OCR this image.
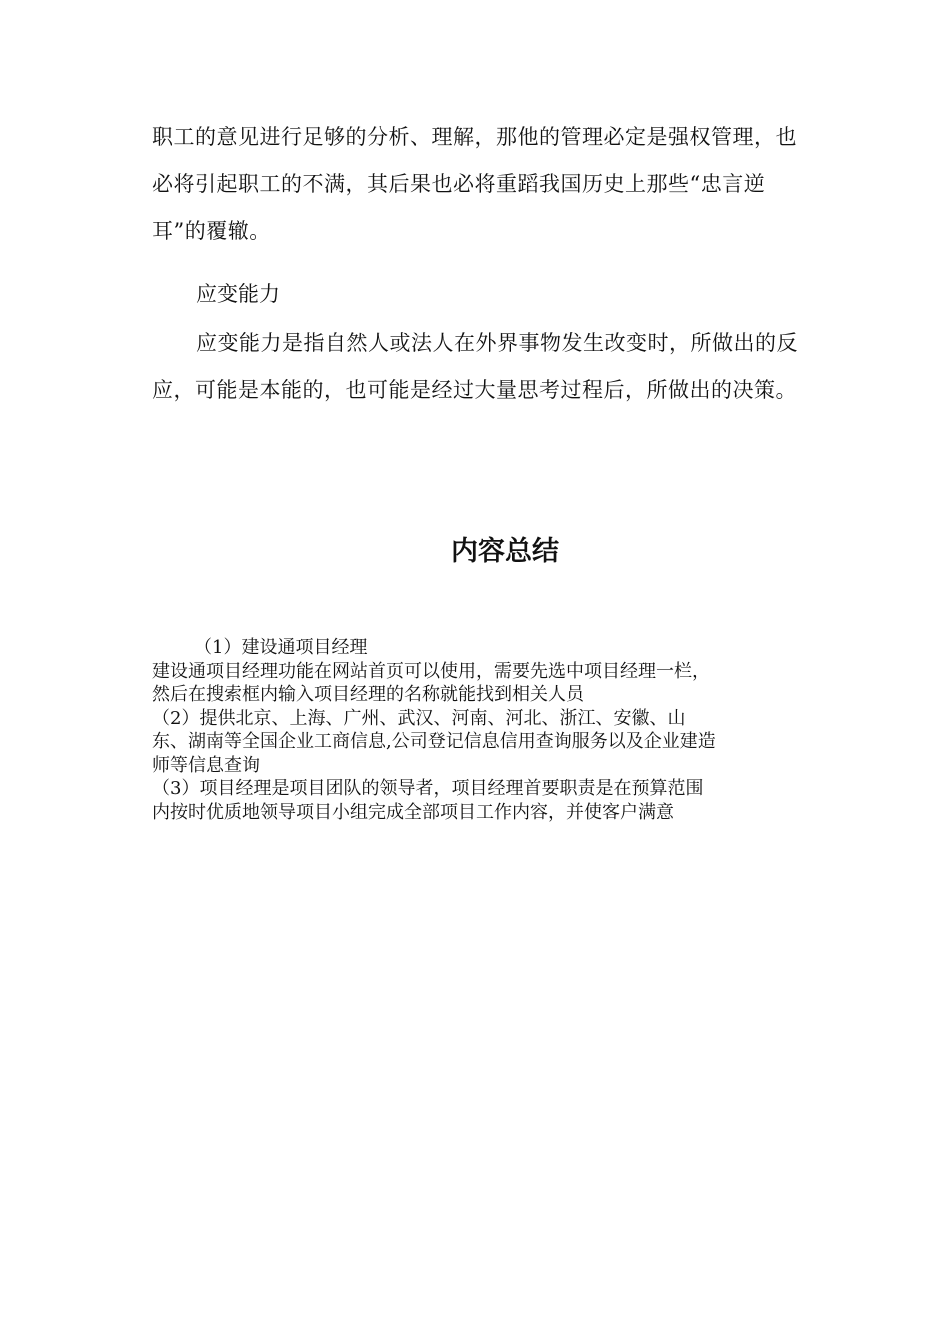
职工的意见进行足够的分析、理解，那他的管理必定是强权管理，也必将引起职工的不满，其后果也必将重蹈我国历史上那些“忠言逆耳”的覆辙。

应变能力

应变能力是指自然人或法人在外界事物发生改变时，所做出的反应，可能是本能的，也可能是经过大量思考过程后，所做出的决策。

内容总结
（1）建设通项目经理
建设通项目经理功能在网站首页可以使用，需要先选中项目经理一栏，
然后在搜索框内输入项目经理的名称就能找到相关人员
（2）提供北京、上海、广州、武汉、河南、河北、浙江、安徽、山
东、湖南等全国企业工商信息,公司登记信息信用查询服务以及企业建造
师等信息查询
（3）项目经理是项目团队的领导者，项目经理首要职责是在预算范围
内按时优质地领导项目小组完成全部项目工作内容，并使客户满意
